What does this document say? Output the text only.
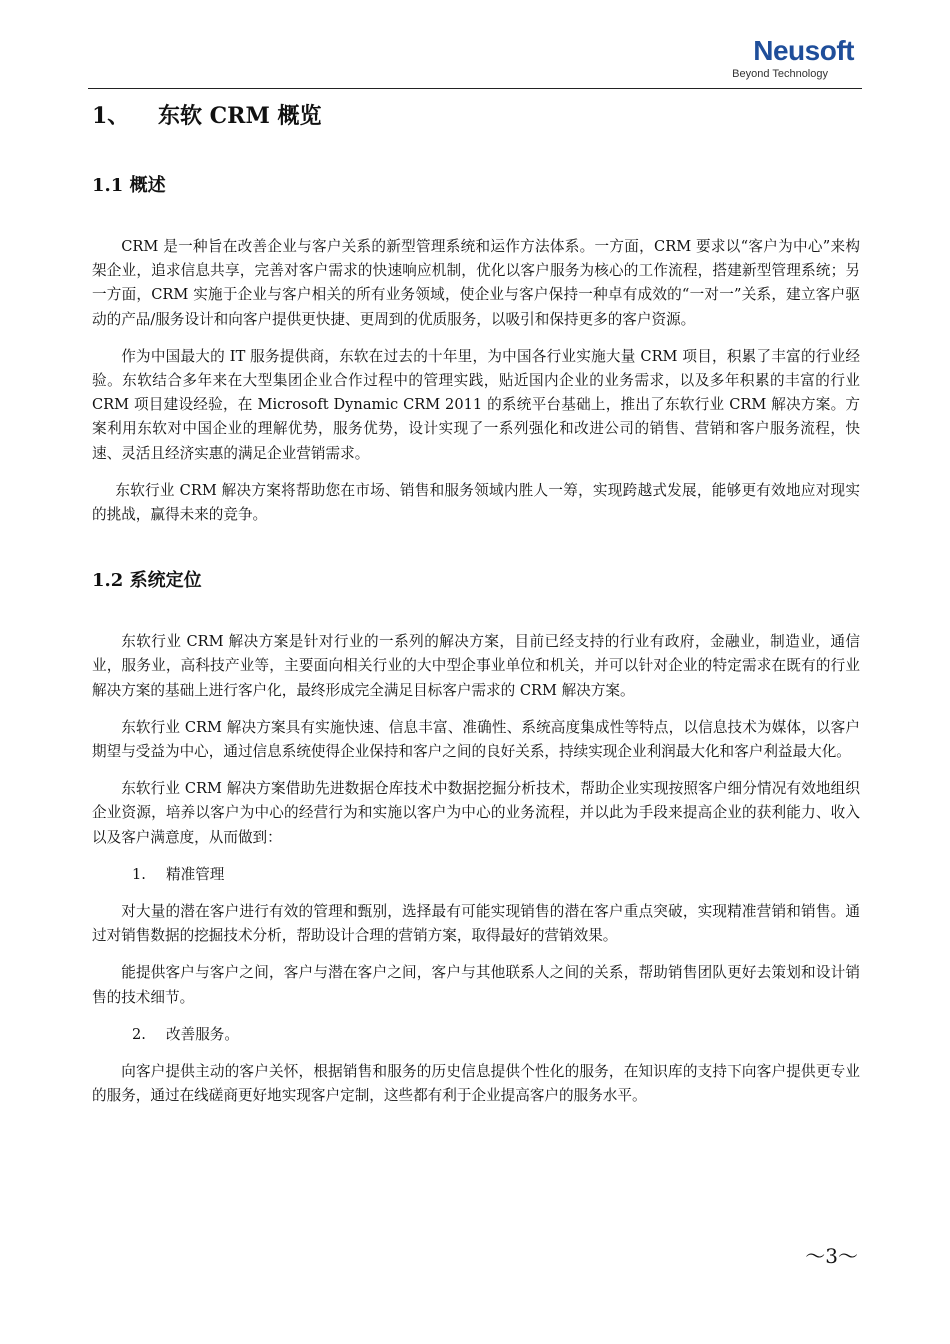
Neusoft
Beyond Technology
1、 东软 CRM 概览
1.1 概述

CRM 是一种旨在改善企业与客户关系的新型管理系统和运作方法体系。一方面，CRM 要求以“客户为中心”来构架企业，追求信息共享，完善对客户需求的快速响应机制，优化以客户服务为核心的工作流程，搭建新型管理系统；另一方面，CRM 实施于企业与客户相关的所有业务领域，使企业与客户保持一种卓有成效的“一对一”关系，建立客户驱动的产品/服务设计和向客户提供更快捷、更周到的优质服务，以吸引和保持更多的客户资源。

作为中国最大的 IT 服务提供商，东软在过去的十年里，为中国各行业实施大量 CRM 项目，积累了丰富的行业经验。东软结合多年来在大型集团企业合作过程中的管理实践，贴近国内企业的业务需求，以及多年积累的丰富的行业 CRM 项目建设经验，在 Microsoft Dynamic CRM 2011 的系统平台基础上，推出了东软行业 CRM 解决方案。方案利用东软对中国企业的理解优势，服务优势，设计实现了一系列强化和改进公司的销售、营销和客户服务流程，快速、灵活且经济实惠的满足企业营销需求。

东软行业 CRM 解决方案将帮助您在市场、销售和服务领域内胜人一筹，实现跨越式发展，能够更有效地应对现实的挑战，赢得未来的竞争。

1.2 系统定位

东软行业 CRM 解决方案是针对行业的一系列的解决方案，目前已经支持的行业有政府，金融业，制造业，通信业，服务业，高科技产业等，主要面向相关行业的大中型企事业单位和机关，并可以针对企业的特定需求在既有的行业解决方案的基础上进行客户化，最终形成完全满足目标客户需求的 CRM 解决方案。

东软行业 CRM 解决方案具有实施快速、信息丰富、准确性、系统高度集成性等特点，以信息技术为媒体，以客户期望与受益为中心，通过信息系统使得企业保持和客户之间的良好关系，持续实现企业利润最大化和客户利益最大化。

东软行业 CRM 解决方案借助先进数据仓库技术中数据挖掘分析技术，帮助企业实现按照客户细分情况有效地组织企业资源，培养以客户为中心的经营行为和实施以客户为中心的业务流程，并以此为手段来提高企业的获利能力、收入以及客户满意度，从而做到：

1. 精准管理

对大量的潜在客户进行有效的管理和甄别，选择最有可能实现销售的潜在客户重点突破，实现精准营销和销售。通过对销售数据的挖掘技术分析，帮助设计合理的营销方案，取得最好的营销效果。

能提供客户与客户之间，客户与潜在客户之间，客户与其他联系人之间的关系，帮助销售团队更好去策划和设计销售的技术细节。

2. 改善服务。

向客户提供主动的客户关怀，根据销售和服务的历史信息提供个性化的服务，在知识库的支持下向客户提供更专业的服务，通过在线磋商更好地实现客户定制，这些都有利于企业提高客户的服务水平。

～3～
